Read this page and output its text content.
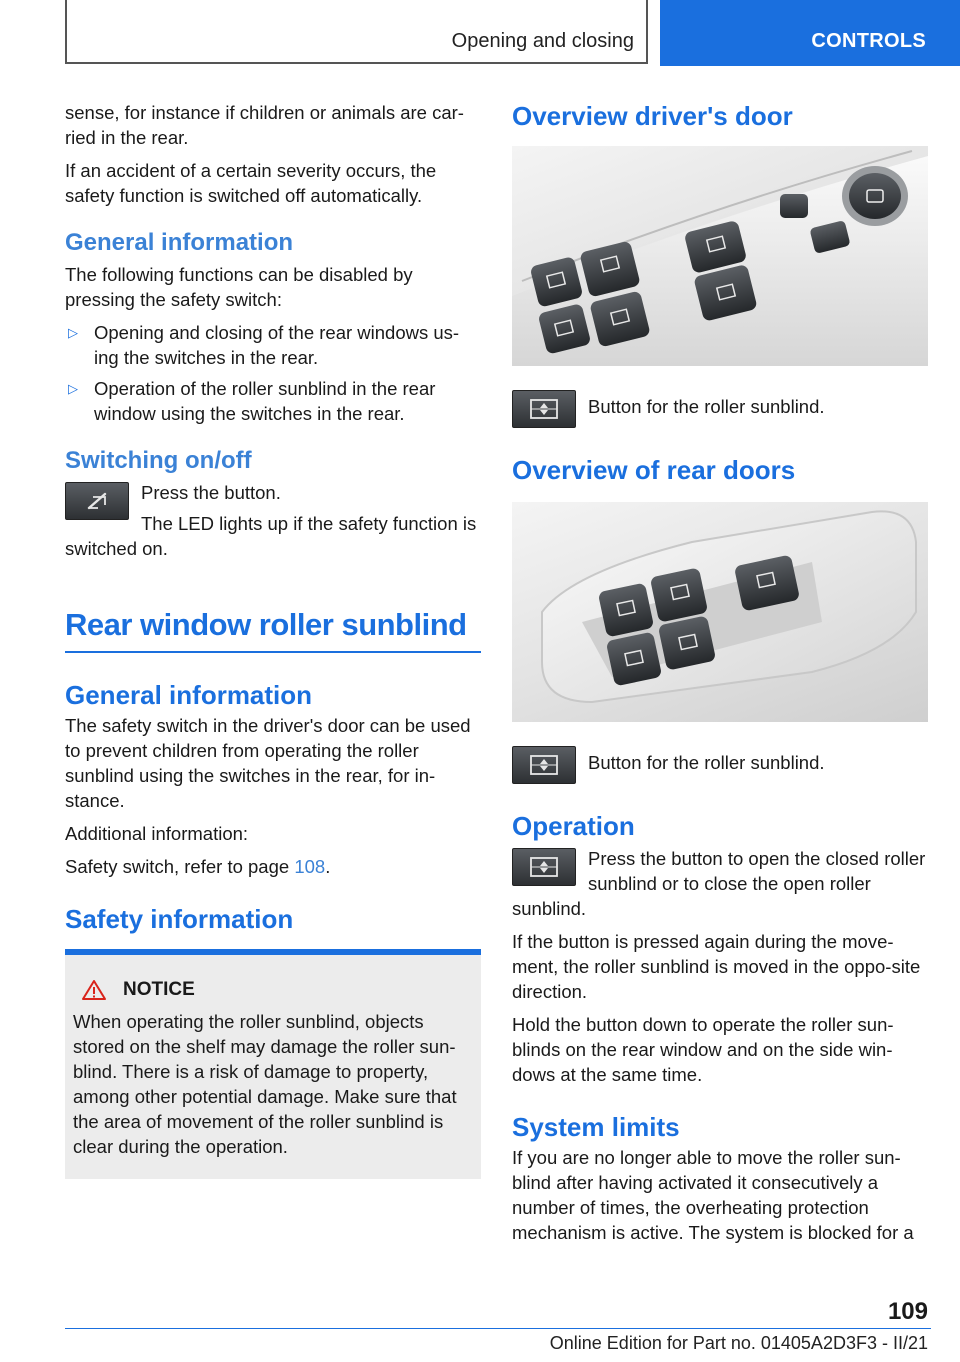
Opening and closing	CONTROLS

sense, for instance if children or animals are car-ried in the rear.

If an accident of a certain severity occurs, the safety function is switched off automatically.

General information

The following functions can be disabled by pressing the safety switch:

▷ Opening and closing of the rear windows us-ing the switches in the rear.
▷ Operation of the roller sunblind in the rear window using the switches in the rear.
Switching on/off

Press the button.

The LED lights up if the safety function is switched on.

Rear window roller sunblind
General information

The safety switch in the driver's door can be used to prevent children from operating the roller sunblind using the switches in the rear, for in-stance.

Additional information:

Safety switch, refer to page 108.

Safety information
NOTICE

When operating the roller sunblind, objects stored on the shelf may damage the roller sun-blind. There is a risk of damage to property, among other potential damage. Make sure that the area of movement of the roller sunblind is clear during the operation.

Overview driver's door

Button for the roller sunblind.

Overview of rear doors

Button for the roller sunblind.

Operation

Press the button to open the closed roller sunblind or to close the open roller sunblind.

If the button is pressed again during the move-ment, the roller sunblind is moved in the oppo-site direction.

Hold the button down to operate the roller sun-blinds on the rear window and on the side win-dows at the same time.

System limits

If you are no longer able to move the roller sun-blind after having activated it consecutively a number of times, the overheating protection mechanism is active. The system is blocked for a

109
Online Edition for Part no. 01405A2D3F3 - II/21
